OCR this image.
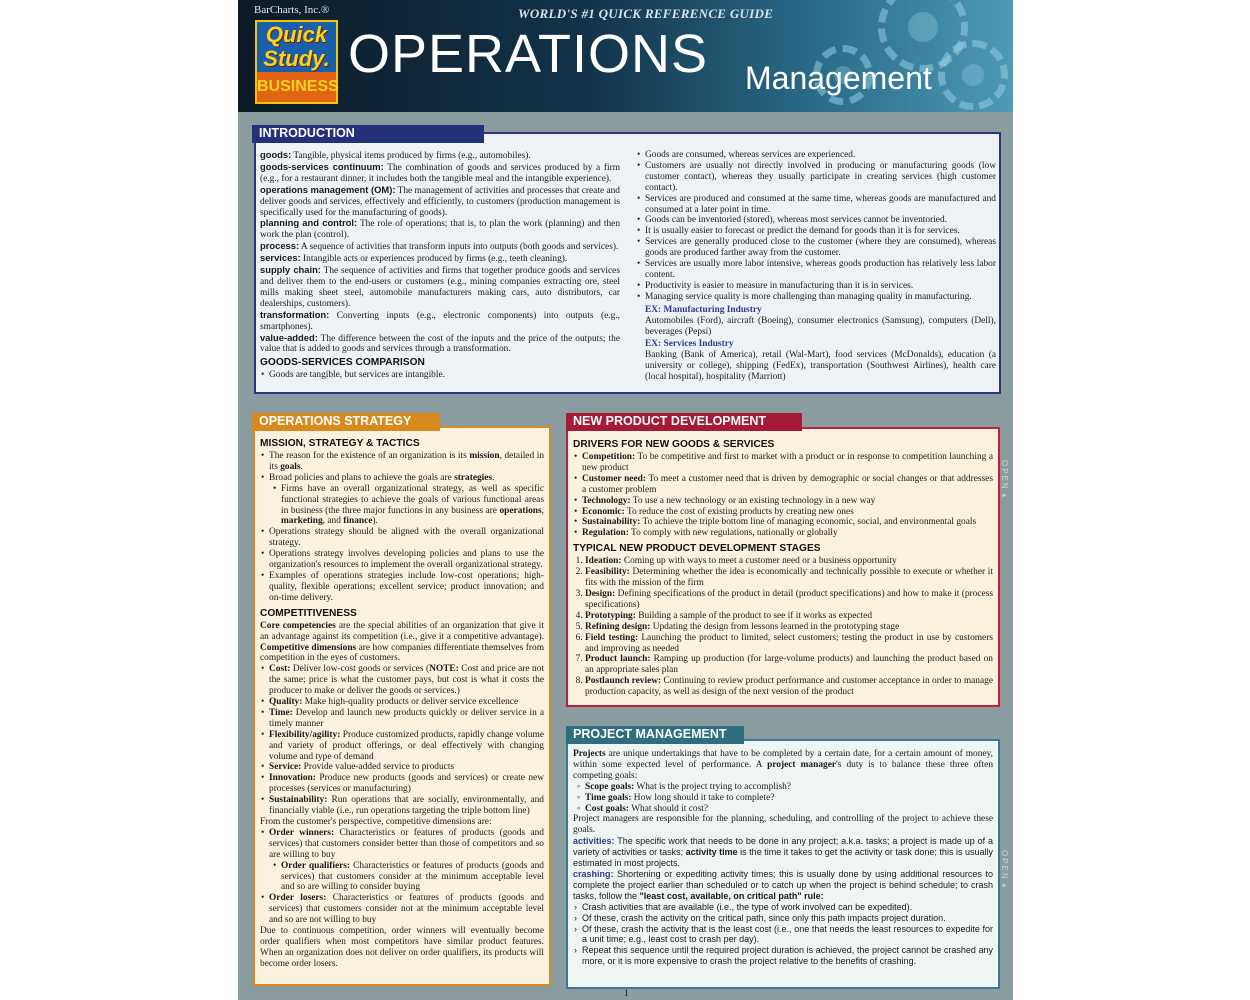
BarCharts, Inc.®	WORLD'S #1 QUICK REFERENCE GUIDE
Quick
Study.
BUSINESS
OPERATIONS Management

goods: Tangible, physical items produced by firms (e.g., automobiles).

goods-services continuum: The combination of goods and services produced by a firm (e.g., for a restaurant dinner, it includes both the tangible meal and the intangible experience).

operations management (OM): The management of activities and processes that create and deliver goods and services, effectively and efficiently, to customers (production management is specifically used for the manufacturing of goods).

planning and control: The role of operations; that is, to plan the work (planning) and then work the plan (control).

process: A sequence of activities that transform inputs into outputs (both goods and services).

services: Intangible acts or experiences produced by firms (e.g., teeth cleaning).

supply chain: The sequence of activities and firms that together produce goods and services and deliver them to the end-users or customers (e.g., mining companies extracting ore, steel mills making sheet steel, automobile manufacturers making cars, auto distributors, car dealerships, customers).

transformation: Converting inputs (e.g., electronic components) into outputs (e.g., smartphones).

value-added: The difference between the cost of the inputs and the price of the outputs; the value that is added to goods and services through a transformation.

GOODS-SERVICES COMPARISON
• Goods are tangible, but services are intangible.
• Goods are consumed, whereas services are experienced.
• Customers are usually not directly involved in producing or manufacturing goods (low customer contact), whereas they usually participate in creating services (high customer contact).
• Services are produced and consumed at the same time, whereas goods are manufactured and consumed at a later point in time.
• Goods can be inventoried (stored), whereas most services cannot be inventoried.
• It is usually easier to forecast or predict the demand for goods than it is for services.
• Services are generally produced close to the customer (where they are consumed), whereas goods are produced farther away from the customer.
• Services are usually more labor intensive, whereas goods production has relatively less labor content.
• Productivity is easier to measure in manufacturing than it is in services.
• Managing service quality is more challenging than managing quality in manufacturing.
EX: Manufacturing Industry

Automobiles (Ford), aircraft (Boeing), consumer electronics (Samsung), computers (Dell), beverages (Pepsi)

EX: Services Industry

Banking (Bank of America), retail (Wal-Mart), food services (McDonalds), education (a university or college), shipping (FedEx), transportation (Southwest Airlines), health care (local hospital), hospitality (Marriott)

INTRODUCTION
MISSION, STRATEGY & TACTICS
• The reason for the existence of an organization is its mission, detailed in its goals.
• Broad policies and plans to achieve the goals are strategies.
• Firms have an overall organizational strategy, as well as specific functional strategies to achieve the goals of various functional areas in business (the three major functions in any business are operations, marketing, and finance).
• Operations strategy should be aligned with the overall organizational strategy.
• Operations strategy involves developing policies and plans to use the organization's resources to implement the overall organizational strategy.
• Examples of operations strategies include low-cost operations; high-quality, flexible operations; excellent service; product innovation; and on-time delivery.
COMPETITIVENESS

Core competencies are the special abilities of an organization that give it an advantage against its competition (i.e., give it a competitive advantage). Competitive dimensions are how companies differentiate themselves from competition in the eyes of customers.

• Cost: Deliver low-cost goods or services (NOTE: Cost and price are not the same; price is what the customer pays, but cost is what it costs the producer to make or deliver the goods or services.)
• Quality: Make high-quality products or deliver service excellence
• Time: Develop and launch new products quickly or deliver service in a timely manner
• Flexibility/agility: Produce customized products, rapidly change volume and variety of product offerings, or deal effectively with changing volume and type of demand
• Service: Provide value-added service to products
• Innovation: Produce new products (goods and services) or create new processes (services or manufacturing)
• Sustainability: Run operations that are socially, environmentally, and financially viable (i.e., run operations targeting the triple bottom line)

From the customer's perspective, competitive dimensions are:

• Order winners: Characteristics or features of products (goods and services) that customers consider better than those of competitors and so are willing to buy
• Order qualifiers: Characteristics or features of products (goods and services) that customers consider at the minimum acceptable level and so are willing to consider buying
• Order losers: Characteristics or features of products (goods and services) that customers consider not at the minimum acceptable level and so are not willing to buy

Due to continuous competition, order winners will eventually become order qualifiers when most competitors have similar product features. When an organization does not deliver on order qualifiers, its products will become order losers.

OPERATIONS STRATEGY
DRIVERS FOR NEW GOODS & SERVICES
• Competition: To be competitive and first to market with a product or in response to competition launching a new product
• Customer need: To meet a customer need that is driven by demographic or social changes or that addresses a customer problem
• Technology: To use a new technology or an existing technology in a new way
• Economic: To reduce the cost of existing products by creating new ones
• Sustainability: To achieve the triple bottom line of managing economic, social, and environmental goals
• Regulation: To comply with new regulations, nationally or globally
TYPICAL NEW PRODUCT DEVELOPMENT STAGES
1. Ideation: Coming up with ways to meet a customer need or a business opportunity
2. Feasibility: Determining whether the idea is economically and technically possible to execute or whether it fits with the mission of the firm
3. Design: Defining specifications of the product in detail (product specifications) and how to make it (process specifications)
4. Prototyping: Building a sample of the product to see if it works as expected
5. Refining design: Updating the design from lessons learned in the prototyping stage
6. Field testing: Launching the product to limited, select customers; testing the product in use by customers and improving as needed
7. Product launch: Ramping up production (for large-volume products) and launching the product based on an appropriate sales plan
8. Postlaunch review: Continuing to review product performance and customer acceptance in order to manage production capacity, as well as design of the next version of the product
NEW PRODUCT DEVELOPMENT

Projects are unique undertakings that have to be completed by a certain date, for a certain amount of money, within some expected level of performance. A project manager's duty is to balance these three often competing goals:

◦ Scope goals: What is the project trying to accomplish?
◦ Time goals: How long should it take to complete?
◦ Cost goals: What should it cost?

Project managers are responsible for the planning, scheduling, and controlling of the project to achieve these goals.

activities: The specific work that needs to be done in any project; a.k.a. tasks; a project is made up of a variety of activities or tasks; activity time is the time it takes to get the activity or task done; this is usually estimated in most projects.

crashing: Shortening or expediting activity times; this is usually done by using additional resources to complete the project earlier than scheduled or to catch up when the project is behind schedule; to crash tasks, follow the "least cost, available, on critical path" rule:

› Crash activities that are available (i.e., the type of work involved can be expedited).
› Of these, crash the activity on the critical path, since only this path impacts project duration.
› Of these, crash the activity that is the least cost (i.e., one that needs the least resources to expedite for a unit time; e.g., least cost to crash per day).
› Repeat this sequence until the required project duration is achieved, the project cannot be crashed any more, or it is more expensive to crash the project relative to the benefits of crashing.
PROJECT MANAGEMENT
OPEN▸
OPEN▸
1
